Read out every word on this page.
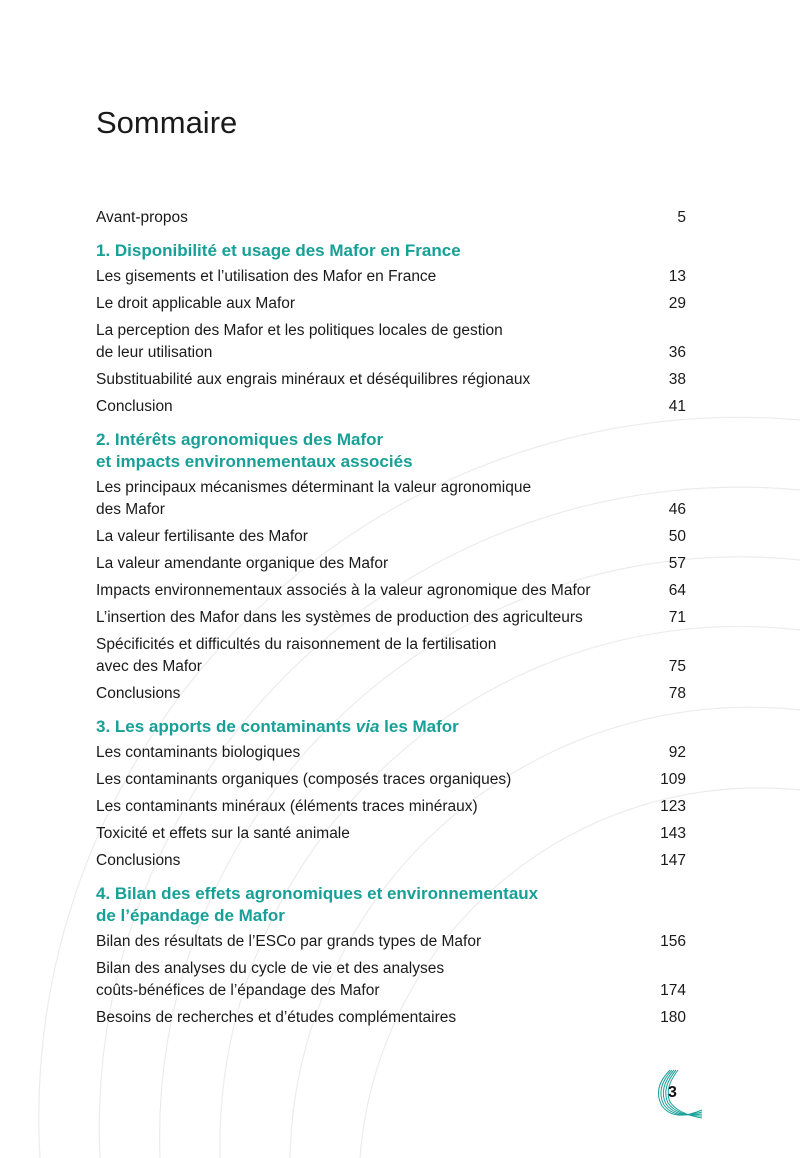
Sommaire
Avant-propos	5
1. Disponibilité et usage des Mafor en France
Les gisements et l’utilisation des Mafor en France	13
Le droit applicable aux Mafor	29
La perception des Mafor et les politiques locales de gestion
de leur utilisation	36
Substituabilité aux engrais minéraux et déséquilibres régionaux	38
Conclusion	41
2. Intérêts agronomiques des Mafor
et impacts environnementaux associés
Les principaux mécanismes déterminant la valeur agronomique
des Mafor	46
La valeur fertilisante des Mafor	50
La valeur amendante organique des Mafor	57
Impacts environnementaux associés à la valeur agronomique des Mafor	64
L’insertion des Mafor dans les systèmes de production des agriculteurs	71
Spécificités et difficultés du raisonnement de la fertilisation
avec des Mafor	75
Conclusions	78
3. Les apports de contaminants via les Mafor
Les contaminants biologiques	92
Les contaminants organiques (composés traces organiques)	109
Les contaminants minéraux (éléments traces minéraux)	123
Toxicité et effets sur la santé animale	143
Conclusions	147
4. Bilan des effets agronomiques et environnementaux
de l’épandage de Mafor
Bilan des résultats de l’ESCo par grands types de Mafor	156
Bilan des analyses du cycle de vie et des analyses
coûts-bénéfices de l’épandage des Mafor	174
Besoins de recherches et d’études complémentaires	180
3
